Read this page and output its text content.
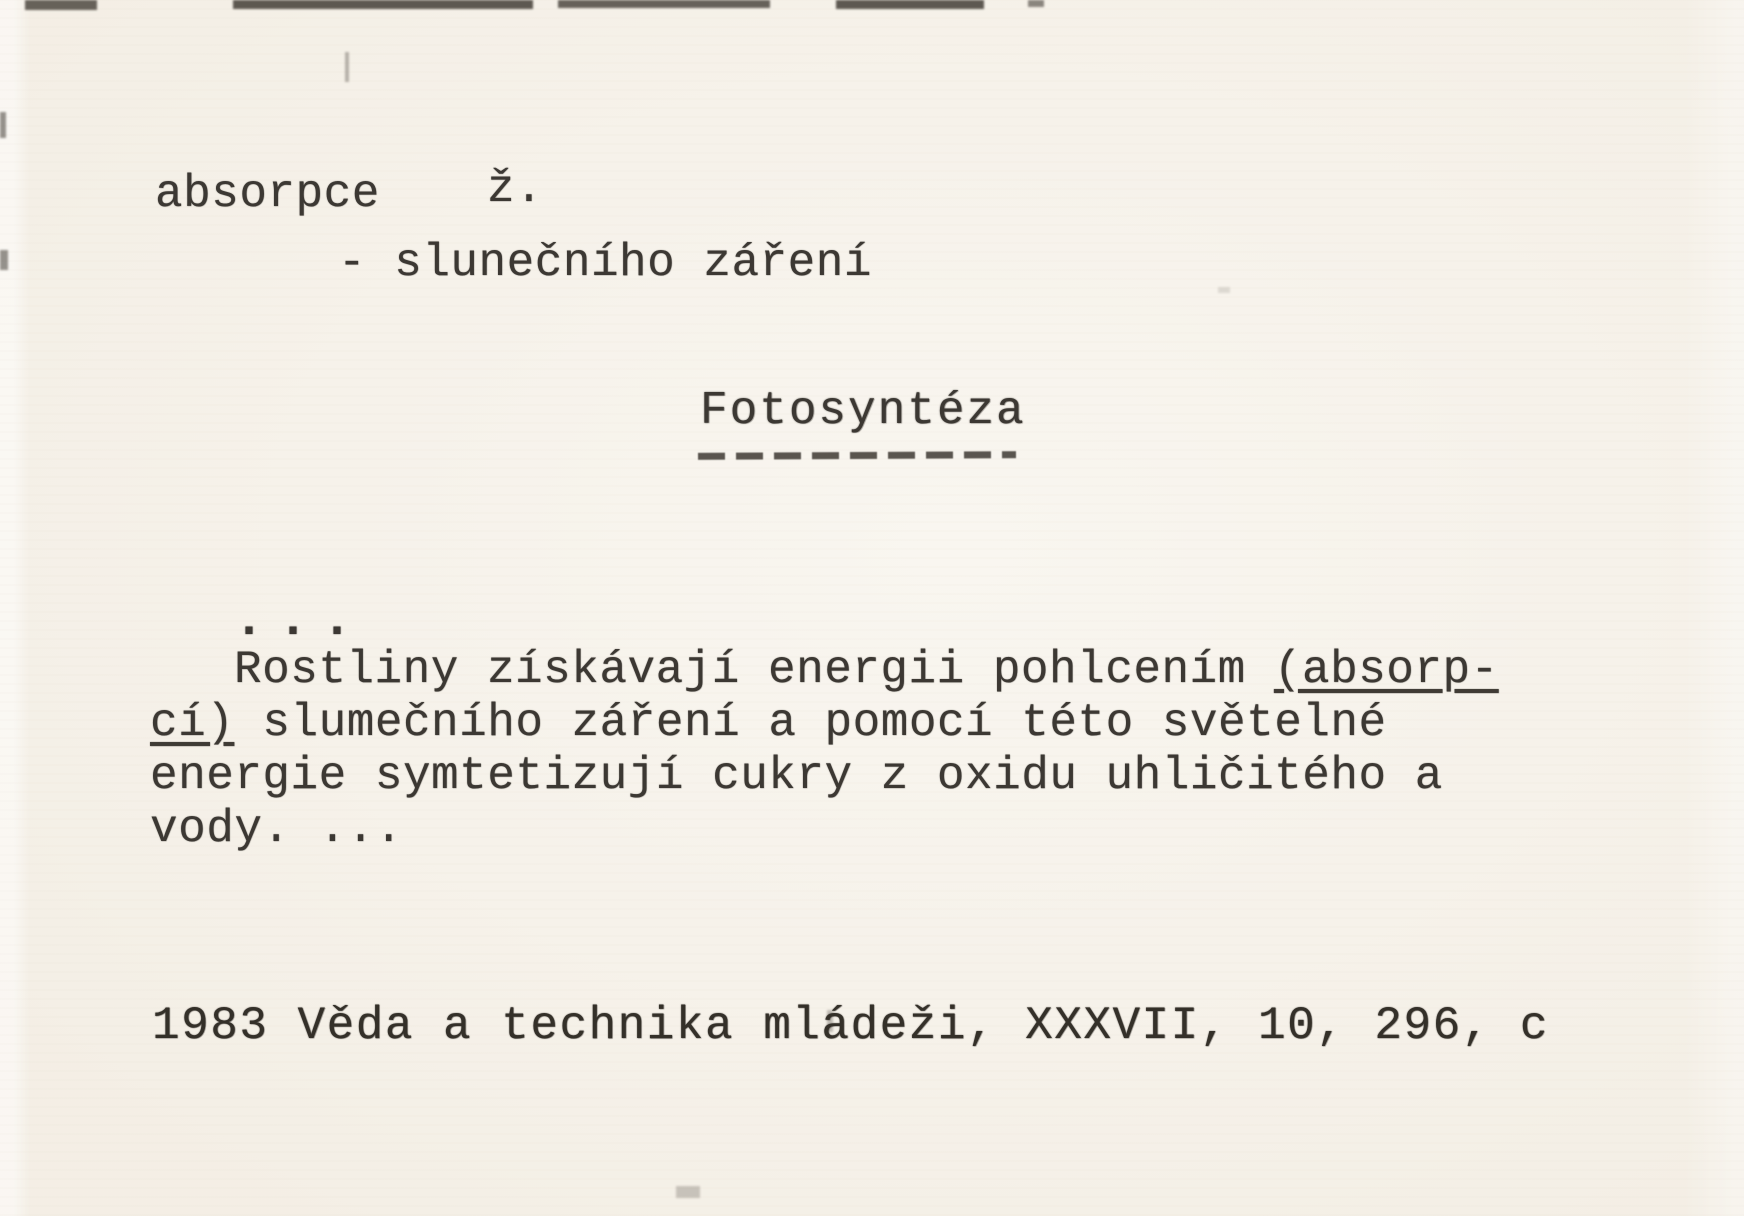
absorpce ž.
- slunečního záření
Fotosyntéza
...
Rostliny získávají energii pohlcením (absorp-
cí) slumečního záření a pomocí této světelné
energie symtetizují cukry z oxidu uhličitého a
vody. ...
1983 Věda a technika mládeži, XXXVII, 10, 296, c
